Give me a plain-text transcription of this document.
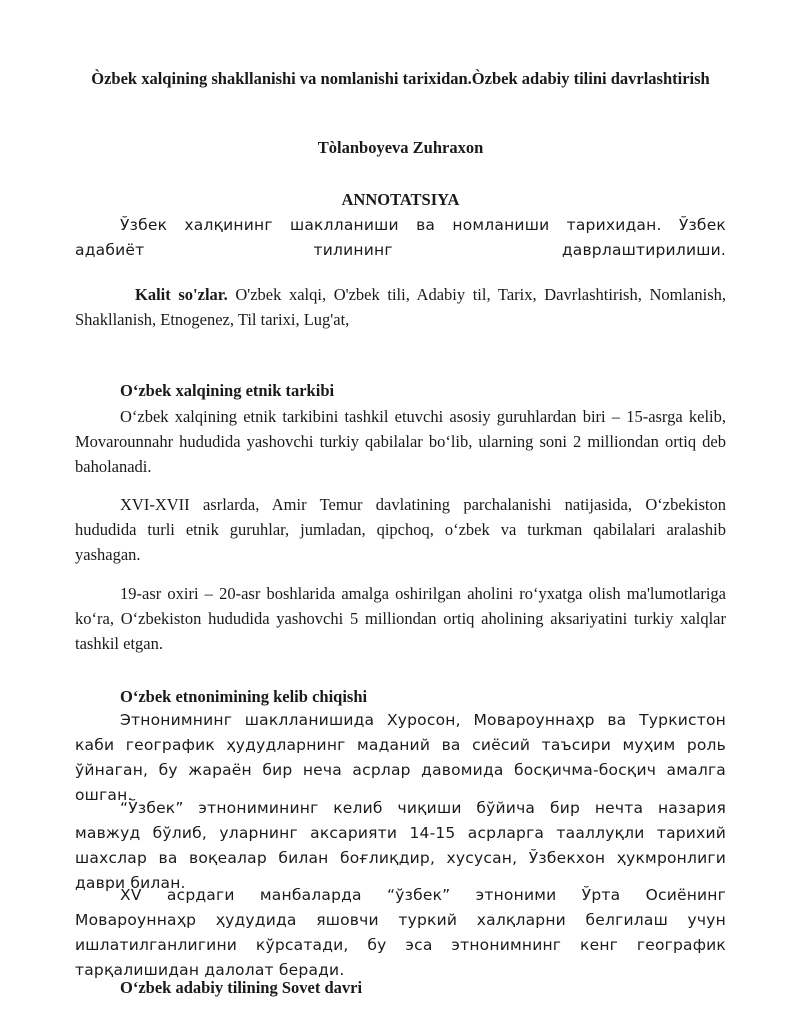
Òzbek xalqining shakllanishi va nomlanishi tarixidan.Òzbek adabiy tilini davrlashtirish
Tòlanboyeva Zuhraxon
ANNOTATSIYA
Ўзбек халқининг шаклланиши ва номланиши тарихидан. Ўзбек адабиёт тилининг даврлаштирилиши.
Kalit so'zlar. O'zbek xalqi, O'zbek tili, Adabiy til, Tarix, Davrlashtirish, Nomlanish, Shakllanish, Etnogenez, Til tarixi, Lug'at,
Oʻzbek xalqining etnik tarkibi
Oʻzbek xalqining etnik tarkibini tashkil etuvchi asosiy guruhlardan biri – 15-asrga kelib, Movarounnahr hududida yashovchi turkiy qabilalar boʻlib, ularning soni 2 milliondan ortiq deb baholanadi.
XVI-XVII asrlarda, Amir Temur davlatining parchalanishi natijasida, Oʻzbekiston hududida turli etnik guruhlar, jumladan, qipchoq, oʻzbek va turkman qabilalari aralashib yashagan.
19-asr oxiri – 20-asr boshlarida amalga oshirilgan aholini roʻyxatga olish ma'lumotlariga koʻra, Oʻzbekiston hududida yashovchi 5 milliondan ortiq aholining aksariyatini turkiy xalqlar tashkil etgan.
Oʻzbek etnonimining kelib chiqishi
Этнонимнинг шаклланишида Хуросон, Мовароуннаҳр ва Туркистон каби географик ҳудудларнинг маданий ва сиёсий таъсири муҳим роль ўйнаган, бу жараён бир неча асрлар давомида босқичма-босқич амалга ошган.
“Ўзбек” этнонимининг келиб чиқиши бўйича бир нечта назария мавжуд бўлиб, уларнинг аксарияти 14-15 асрларга тааллуқли тарихий шахслар ва воқеалар билан боғлиқдир, хусусан, Ўзбекхон ҳукмронлиги даври билан.
XV асрдаги манбаларда “ўзбек” этноними Ўрта Осиёнинг Мовароуннаҳр ҳудудида яшовчи туркий халқларни белгилаш учун ишлатилганлигини кўрсатади, бу эса этнонимнинг кенг географик тарқалишидан далолат беради.
Oʻzbek adabiy tilining Sovet davri
